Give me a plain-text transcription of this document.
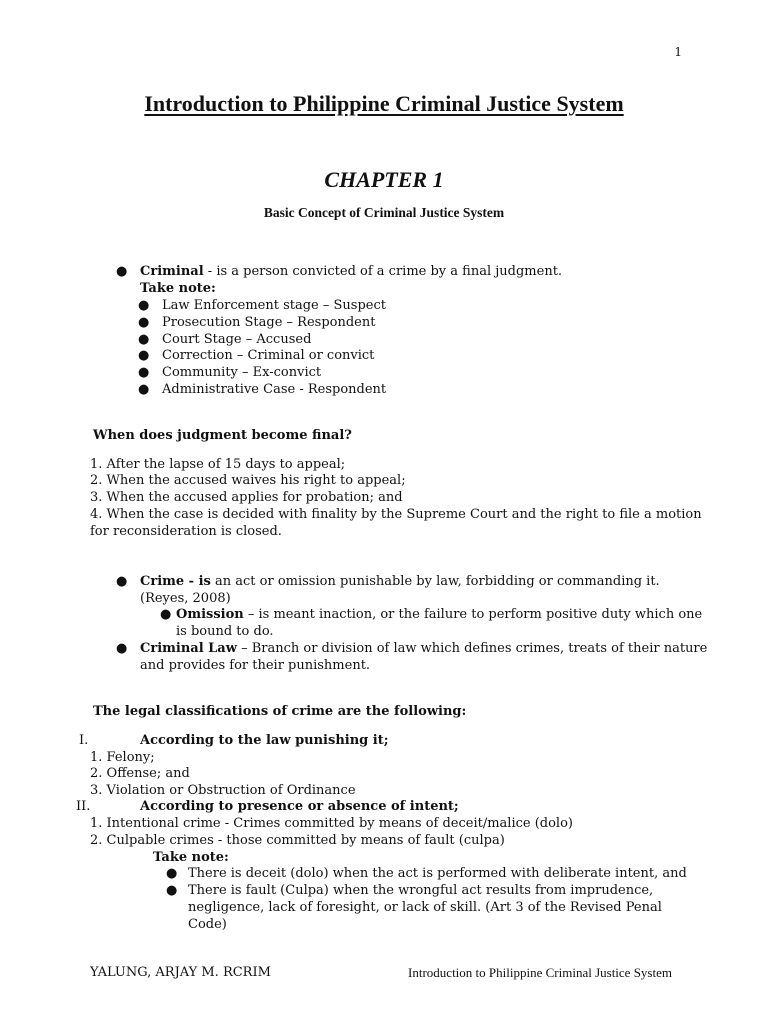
1
Introduction to Philippine Criminal Justice System
CHAPTER 1
Basic Concept of Criminal Justice System
● Criminal - is a person convicted of a crime by a final judgment.
Take note:
● Law Enforcement stage – Suspect
● Prosecution Stage – Respondent
● Court Stage – Accused
● Correction – Criminal or convict
● Community – Ex-convict
● Administrative Case - Respondent
When does judgment become final?
1. After the lapse of 15 days to appeal;
2. When the accused waives his right to appeal;
3. When the accused applies for probation; and
4. When the case is decided with finality by the Supreme Court and the right to file a motion
for reconsideration is closed.
● Crime - is an act or omission punishable by law, forbidding or commanding it.
(Reyes, 2008)
● Omission – is meant inaction, or the failure to perform positive duty which one
is bound to do.
● Criminal Law – Branch or division of law which defines crimes, treats of their nature
and provides for their punishment.
The legal classifications of crime are the following:
I.	According to the law punishing it;
1. Felony;
2. Offense; and
3. Violation or Obstruction of Ordinance
II.	According to presence or absence of intent;
1. Intentional crime - Crimes committed by means of deceit/malice (dolo)
2. Culpable crimes - those committed by means of fault (culpa)
Take note:
● There is deceit (dolo) when the act is performed with deliberate intent, and
● There is fault (Culpa) when the wrongful act results from imprudence,
negligence, lack of foresight, or lack of skill. (Art 3 of the Revised Penal
Code)
YALUNG, ARJAY M. RCRIM	Introduction to Philippine Criminal Justice System
